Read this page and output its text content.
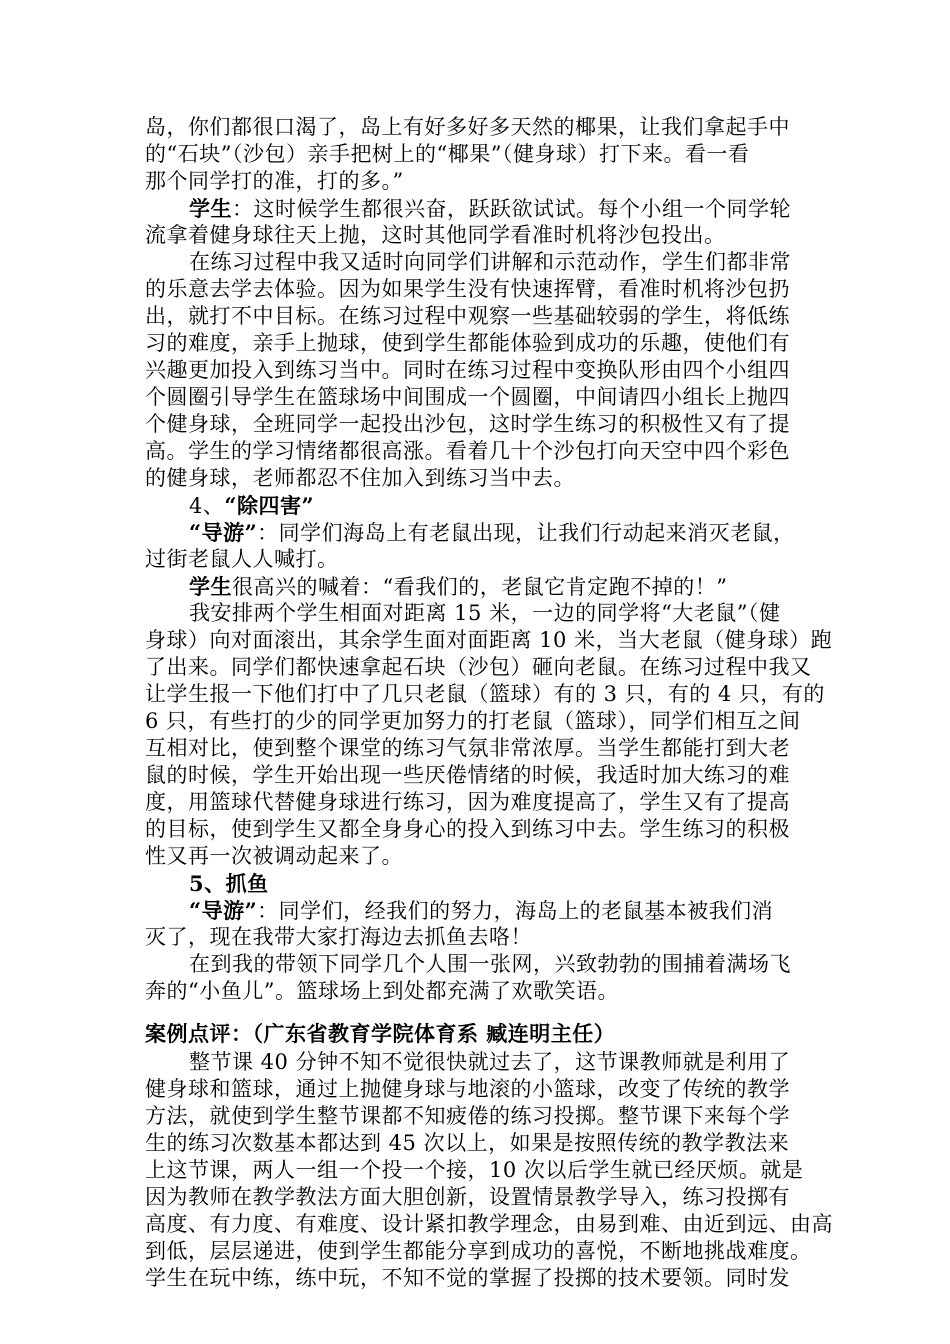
岛，你们都很口渴了，岛上有好多好多天然的椰果，让我们拿起手中
的“石块”（沙包）亲手把树上的“椰果”（健身球）打下来。看一看
那个同学打的准，打的多。”
学生：这时候学生都很兴奋，跃跃欲试试。每个小组一个同学轮
流拿着健身球往天上抛，这时其他同学看准时机将沙包投出。
在练习过程中我又适时向同学们讲解和示范动作，学生们都非常
的乐意去学去体验。因为如果学生没有快速挥臂，看准时机将沙包扔
出，就打不中目标。在练习过程中观察一些基础较弱的学生，将低练
习的难度，亲手上抛球，使到学生都能体验到成功的乐趣，使他们有
兴趣更加投入到练习当中。同时在练习过程中变换队形由四个小组四
个圆圈引导学生在篮球场中间围成一个圆圈，中间请四小组长上抛四
个健身球，全班同学一起投出沙包，这时学生练习的积极性又有了提
高。学生的学习情绪都很高涨。看着几十个沙包打向天空中四个彩色
的健身球，老师都忍不住加入到练习当中去。
4、“除四害”
“导游”：同学们海岛上有老鼠出现，让我们行动起来消灭老鼠，
过街老鼠人人喊打。
学生很高兴的喊着：“看我们的，老鼠它肯定跑不掉的！”
我安排两个学生相面对距离 15 米，一边的同学将“大老鼠”（健
身球）向对面滚出，其余学生面对面距离 10 米，当大老鼠（健身球）跑
了出来。同学们都快速拿起石块（沙包）砸向老鼠。在练习过程中我又
让学生报一下他们打中了几只老鼠（篮球）有的 3 只，有的 4 只，有的
6 只，有些打的少的同学更加努力的打老鼠（篮球），同学们相互之间
互相对比，使到整个课堂的练习气氛非常浓厚。当学生都能打到大老
鼠的时候，学生开始出现一些厌倦情绪的时候，我适时加大练习的难
度，用篮球代替健身球进行练习，因为难度提高了，学生又有了提高
的目标，使到学生又都全身身心的投入到练习中去。学生练习的积极
性又再一次被调动起来了。
5、抓鱼
“导游”：同学们，经我们的努力，海岛上的老鼠基本被我们消
灭了，现在我带大家打海边去抓鱼去咯！
在到我的带领下同学几个人围一张网，兴致勃勃的围捕着满场飞
奔的“小鱼儿”。篮球场上到处都充满了欢歌笑语。
案例点评：（广东省教育学院体育系 臧连明主任）
整节课 40 分钟不知不觉很快就过去了，这节课教师就是利用了
健身球和篮球，通过上抛健身球与地滚的小篮球，改变了传统的教学
方法，就使到学生整节课都不知疲倦的练习投掷。整节课下来每个学
生的练习次数基本都达到 45 次以上，如果是按照传统的教学教法来
上这节课，两人一组一个投一个接，10 次以后学生就已经厌烦。就是
因为教师在教学教法方面大胆创新，设置情景教学导入，练习投掷有
高度、有力度、有难度、设计紧扣教学理念，由易到难、由近到远、由高
到低，层层递进，使到学生都能分享到成功的喜悦，不断地挑战难度。
学生在玩中练，练中玩，不知不觉的掌握了投掷的技术要领。同时发
